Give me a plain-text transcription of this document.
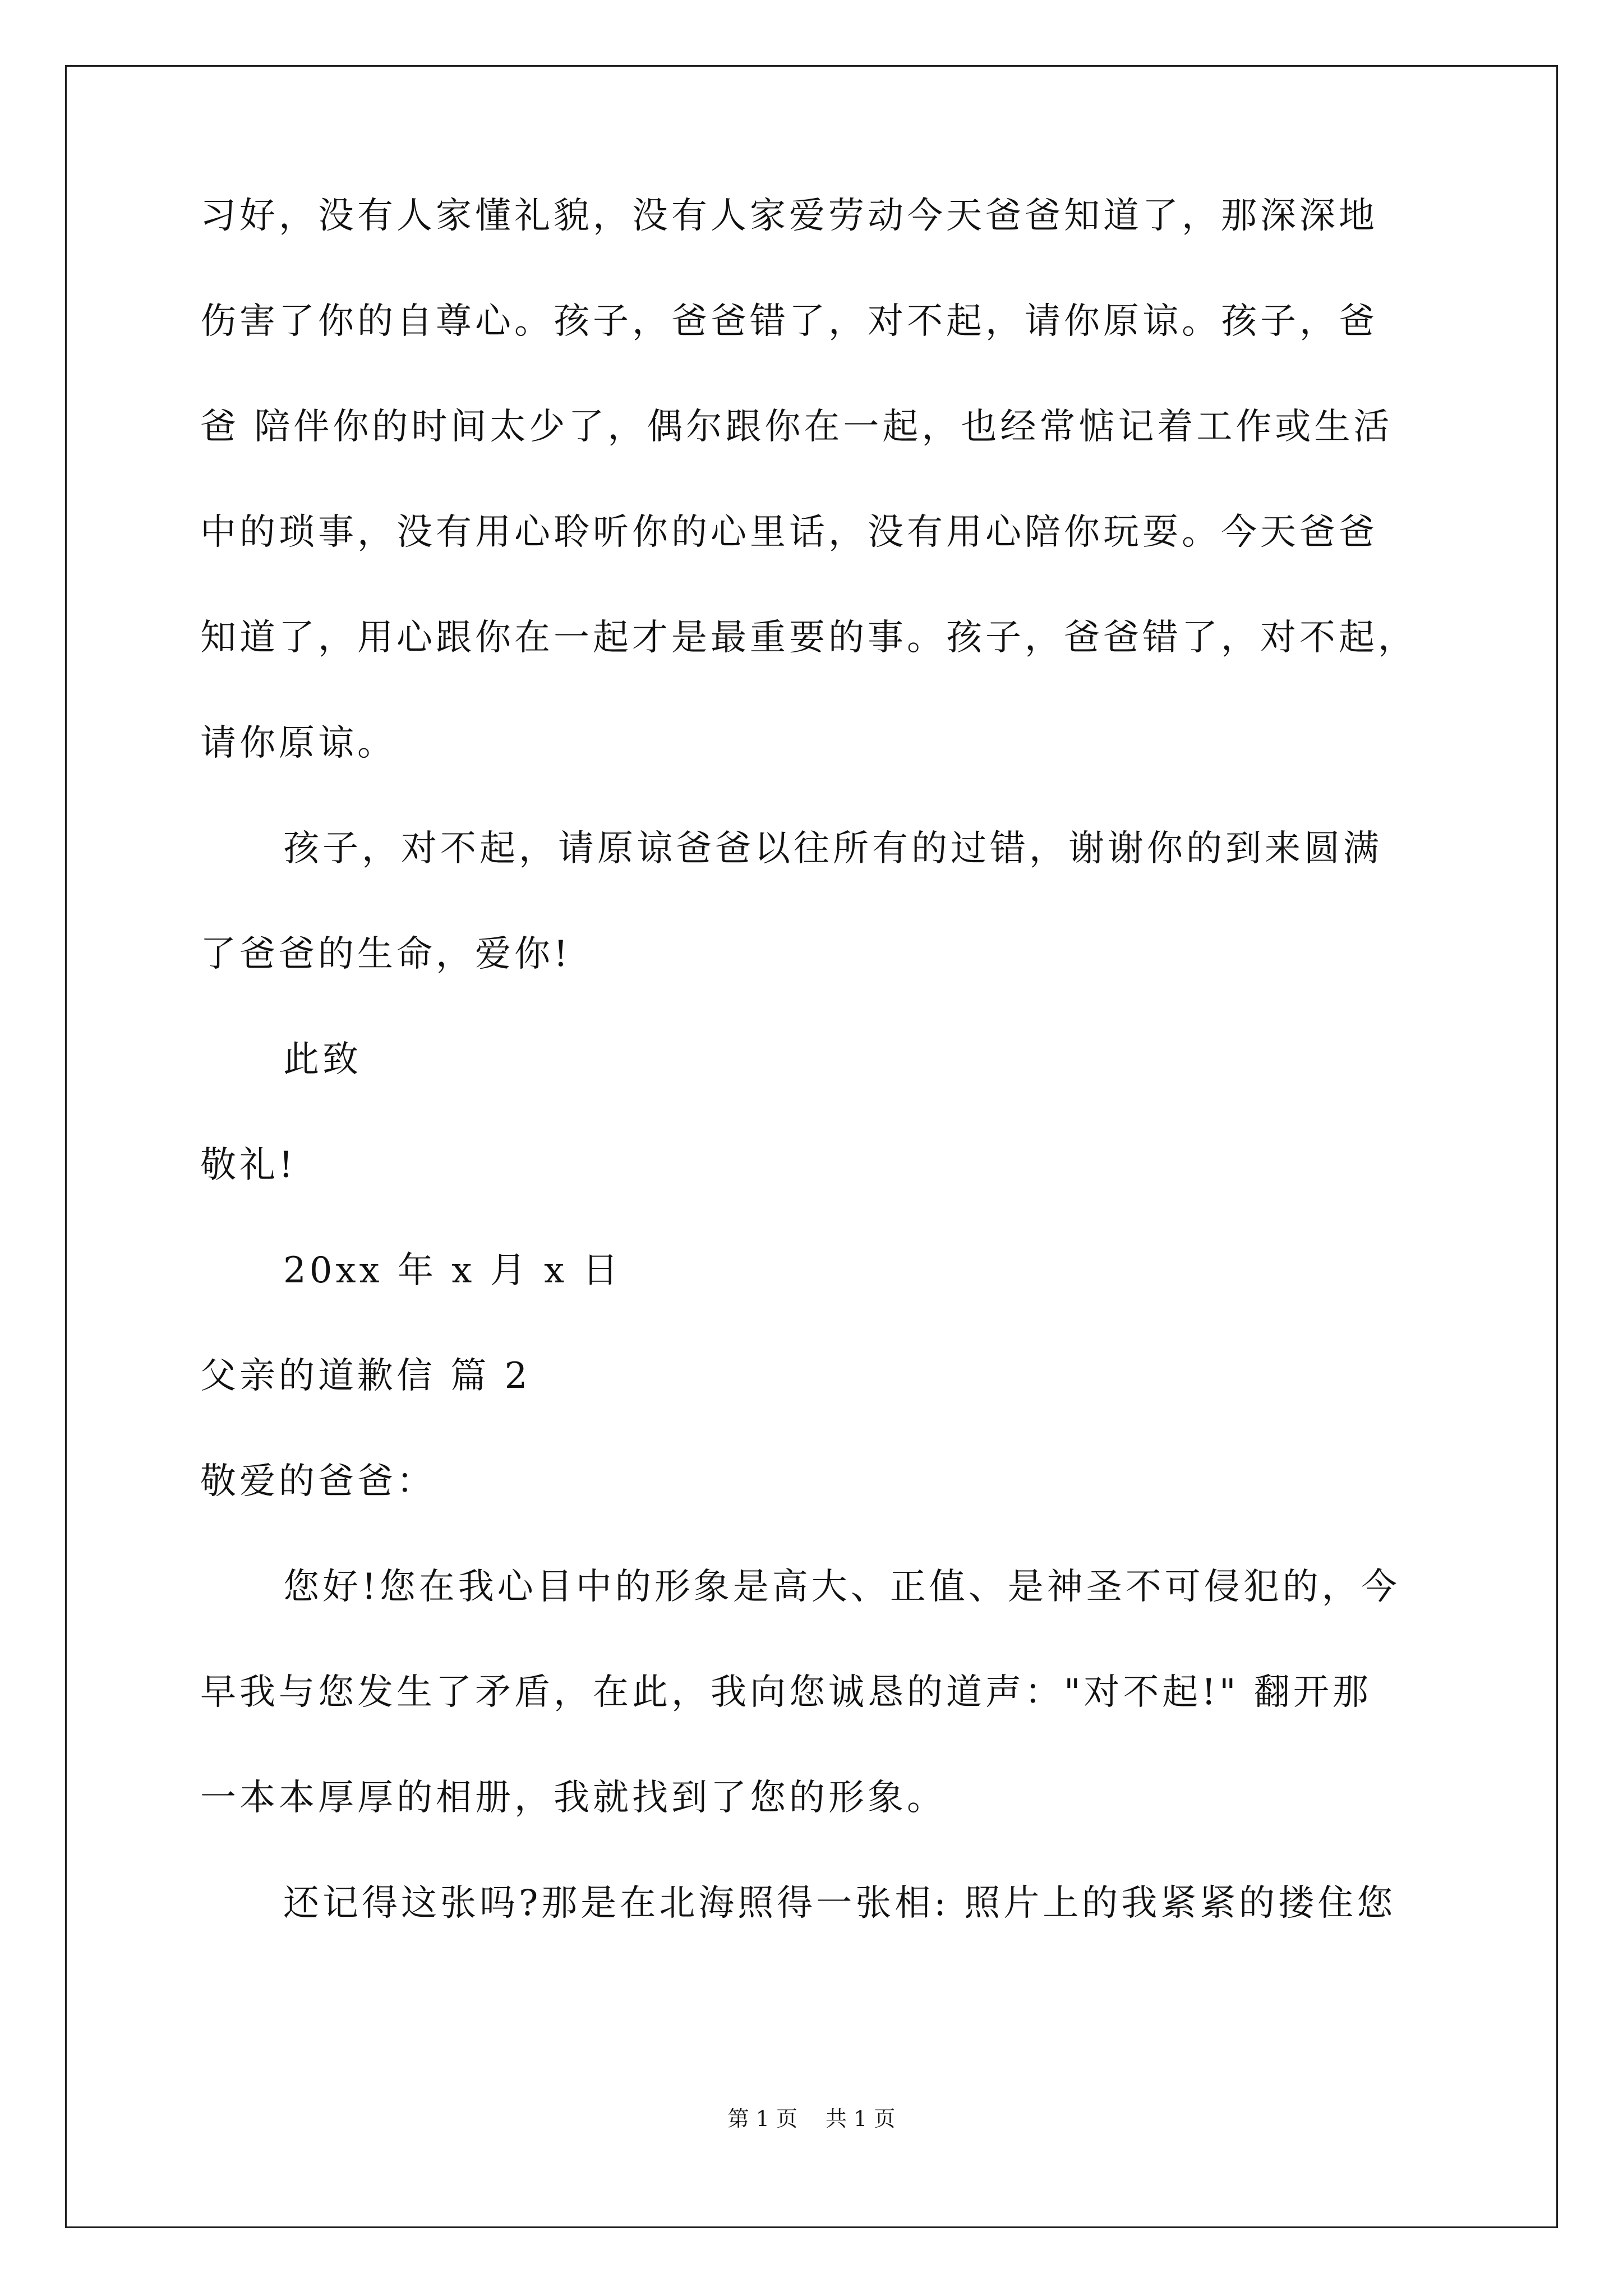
习好，没有人家懂礼貌，没有人家爱劳动今天爸爸知道了，那深深地
伤害了你的自尊心。孩子，爸爸错了，对不起，请你原谅。孩子，爸
爸 陪伴你的时间太少了，偶尔跟你在一起，也经常惦记着工作或生活
中的琐事，没有用心聆听你的心里话，没有用心陪你玩耍。今天爸爸
知道了，用心跟你在一起才是最重要的事。孩子，爸爸错了，对不起，
请你原谅。
孩子，对不起，请原谅爸爸以往所有的过错，谢谢你的到来圆满
了爸爸的生命，爱你!
此致
敬礼!
20xx 年 x 月 x 日
父亲的道歉信 篇 2
敬爱的爸爸：
您好!您在我心目中的形象是高大、正值、是神圣不可侵犯的，今
早我与您发生了矛盾，在此，我向您诚恳的道声："对不起!" 翻开那
一本本厚厚的相册，我就找到了您的形象。
还记得这张吗?那是在北海照得一张相: 照片上的我紧紧的搂住您
第 1 页 共 1 页
